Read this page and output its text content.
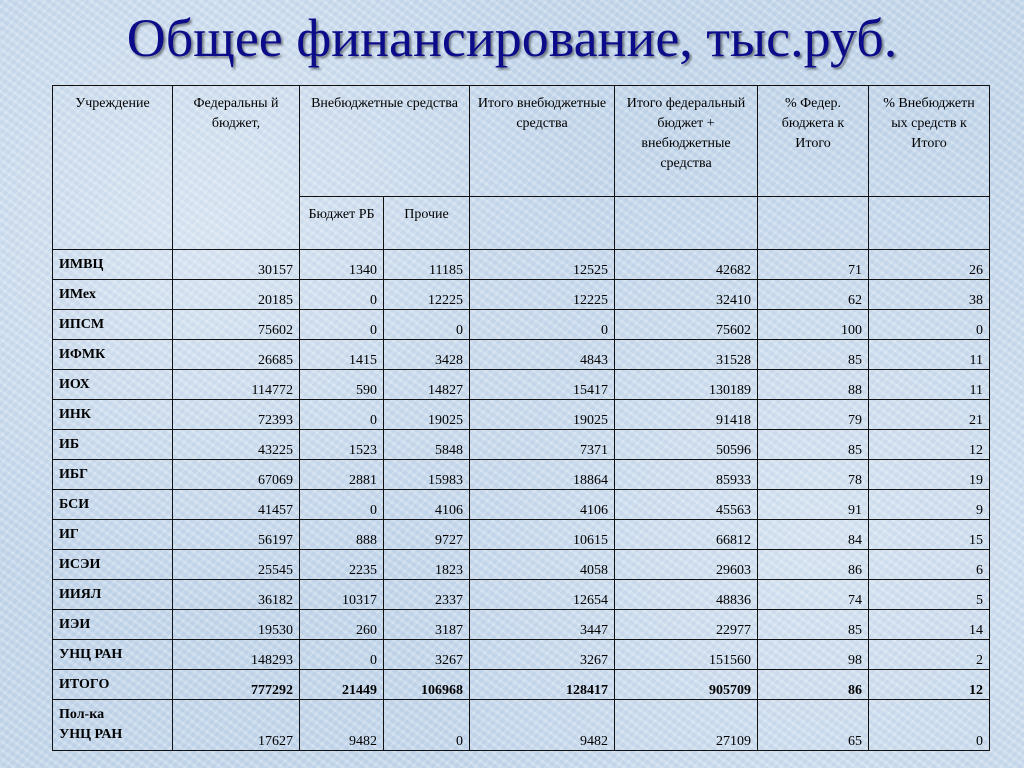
Общее финансирование, тыс.руб.
Учреждение	Федеральны й бюджет,	Внебюджетные средства		Итого внебюджетные средства	Итого федеральный бюджет + внебюджетные средства	% Федер. бюджета к Итого	% Внебюджетн ых средств к Итого
		Бюджет РБ	Прочие				
ИМВЦ	30157	1340	11185	12525	42682	71	26
ИМех	20185	0	12225	12225	32410	62	38
ИПСМ	75602	0	0	0	75602	100	0
ИФМК	26685	1415	3428	4843	31528	85	11
ИОХ	114772	590	14827	15417	130189	88	11
ИНК	72393	0	19025	19025	91418	79	21
ИБ	43225	1523	5848	7371	50596	85	12
ИБГ	67069	2881	15983	18864	85933	78	19
БСИ	41457	0	4106	4106	45563	91	9
ИГ	56197	888	9727	10615	66812	84	15
ИСЭИ	25545	2235	1823	4058	29603	86	6
ИИЯЛ	36182	10317	2337	12654	48836	74	5
ИЭИ	19530	260	3187	3447	22977	85	14
УНЦ РАН	148293	0	3267	3267	151560	98	2
ИТОГО	777292	21449	106968	128417	905709	86	12
Пол-ка
УНЦ РАН	17627	9482	0	9482	27109	65	0
